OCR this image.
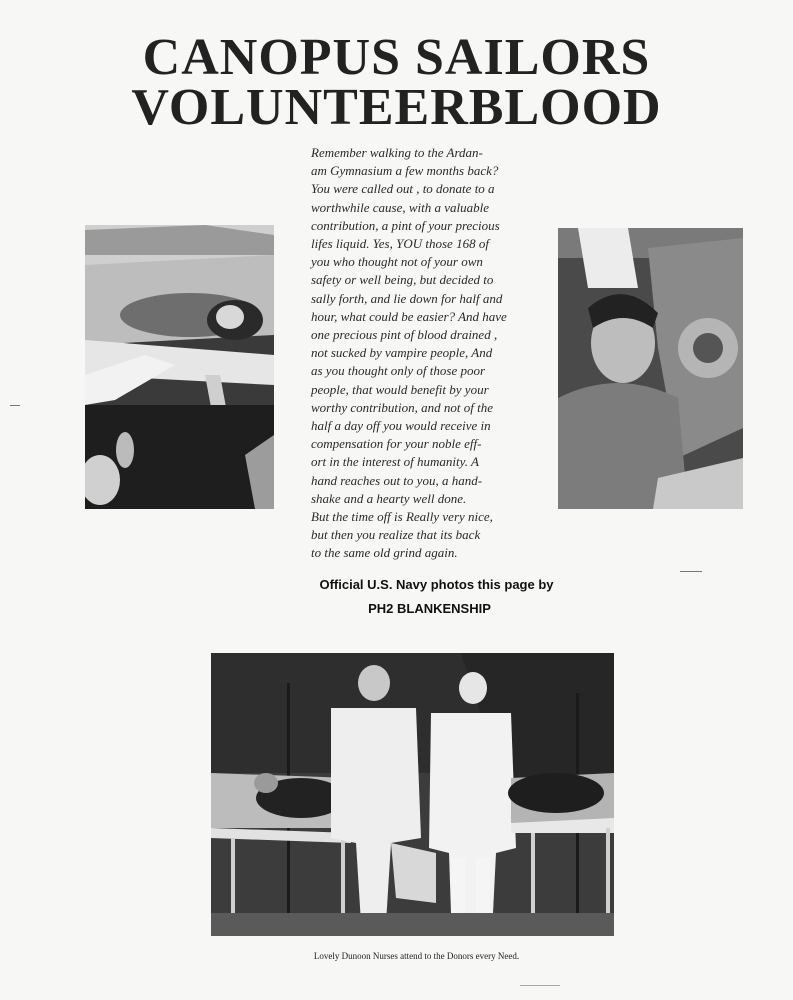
CANOPUS SAILORS
VOLUNTEERBLOOD

Remember walking to the Ardan-
am Gymnasium a few months back?
You were called out , to donate to a
worthwhile cause, with a valuable
contribution, a pint of your precious
lifes liquid. Yes, YOU those 168 of
you who thought not of your own
safety or well being, but decided to
sally forth, and lie down for half and
hour, what could be easier? And have
one precious pint of blood drained ,
not sucked by vampire people, And
as you thought only of those poor
people, that would benefit by your
worthy contribution, and not of the
half a day off you would receive in
compensation for your noble eff-
ort in the interest of humanity. A
hand reaches out to you, a hand-
shake and a hearty well done.
But the time off is Really very nice,
but then you realize that its back
to the same old grind again.

Official U.S. Navy photos this page by
PH2 BLANKENSHIP
Lovely Dunoon Nurses attend to the Donors every Need.
